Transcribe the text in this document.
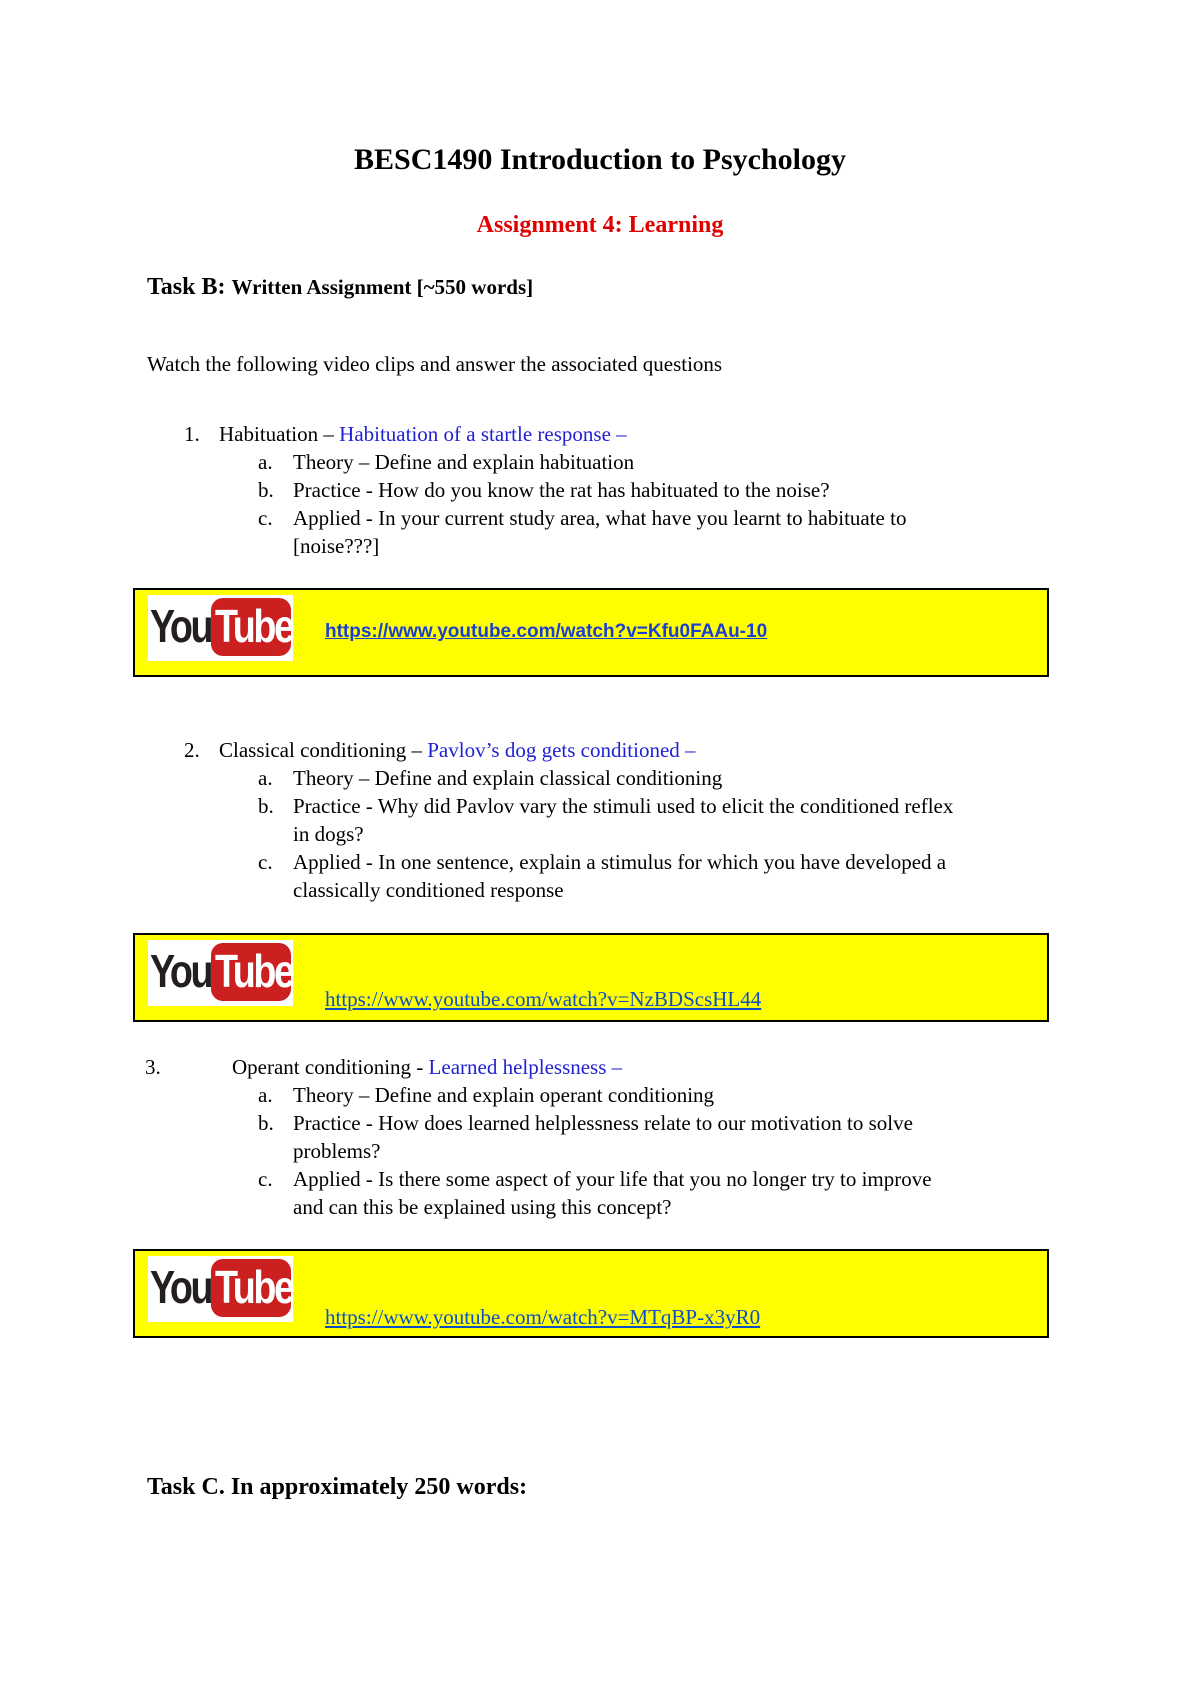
BESC1490 Introduction to Psychology
Assignment 4: Learning
Task B: Written Assignment [~550 words]
Watch the following video clips and answer the associated questions
1. Habituation – Habituation of a startle response –
a. Theory – Define and explain habituation
b. Practice - How do you know the rat has habituated to the noise?
c. Applied - In your current study area, what have you learnt to habituate to
[noise???]
You Tube https://www.youtube.com/watch?v=Kfu0FAAu-10
2. Classical conditioning – Pavlov’s dog gets conditioned –
a. Theory – Define and explain classical conditioning
b. Practice - Why did Pavlov vary the stimuli used to elicit the conditioned reflex
in dogs?
c. Applied - In one sentence, explain a stimulus for which you have developed a
classically conditioned response
You Tube
https://www.youtube.com/watch?v=NzBDScsHL44
3.	Operant conditioning - Learned helplessness –
a. Theory – Define and explain operant conditioning
b. Practice - How does learned helplessness relate to our motivation to solve
problems?
c. Applied - Is there some aspect of your life that you no longer try to improve
and can this be explained using this concept?
You Tube
https://www.youtube.com/watch?v=MTqBP-x3yR0
Task C. In approximately 250 words:
